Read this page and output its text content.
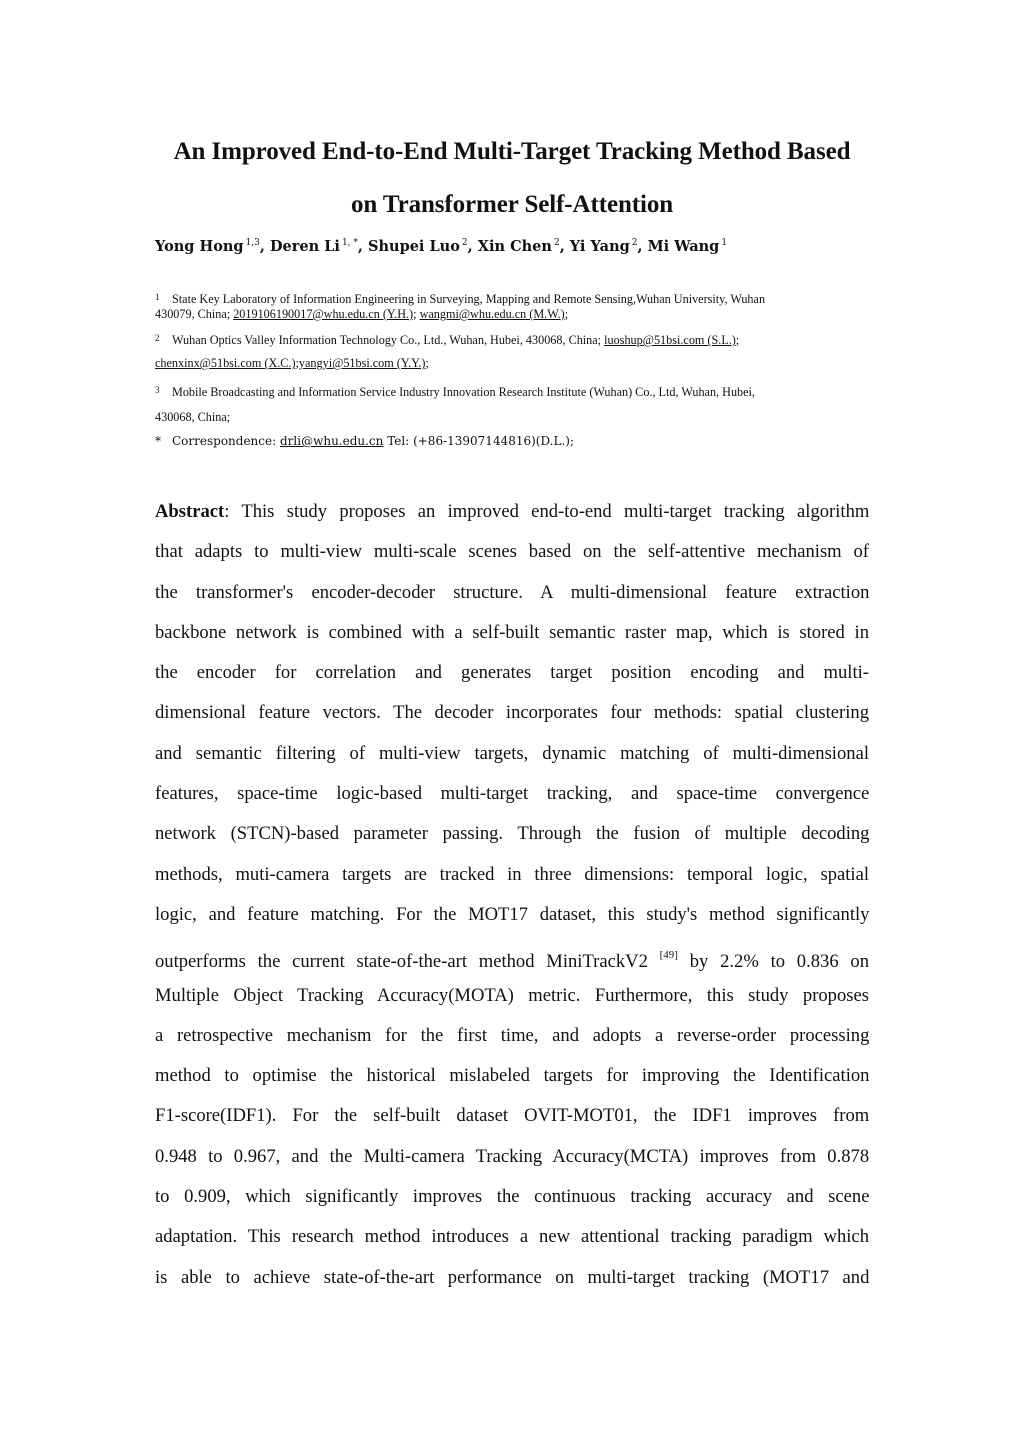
An Improved End-to-End Multi-Target Tracking Method Based
on Transformer Self-Attention
Yong Hong $^{1,3}$, Deren Li $^{1, *}$, Shupei Luo $^2$, Xin Chen $^2$, Yi Yang $^2$, Mi Wang $^1$
1 State Key Laboratory of Information Engineering in Surveying, Mapping and Remote Sensing,Wuhan University, Wuhan
430079, China; 2019106190017@whu.edu.cn (Y.H.); wangmi@whu.edu.cn (M.W.);
2 Wuhan Optics Valley Information Technology Co., Ltd., Wuhan, Hubei, 430068, China; luoshup@51bsi.com (S.L.);
chenxinx@51bsi.com (X.C.);yangyi@51bsi.com (Y.Y.);
3 Mobile Broadcasting and Information Service Industry Innovation Research Institute (Wuhan) Co., Ltd, Wuhan, Hubei,
430068, China;
* Correspondence: drli@whu.edu.cn Tel: (+86-13907144816)(D.L.);
Abstract: This study proposes an improved end-to-end multi-target tracking algorithm
that adapts to multi-view multi-scale scenes based on the self-attentive mechanism of
the transformer's encoder-decoder structure. A multi-dimensional feature extraction
backbone network is combined with a self-built semantic raster map, which is stored in
the encoder for correlation and generates target position encoding and multi-
dimensional feature vectors. The decoder incorporates four methods: spatial clustering
and semantic filtering of multi-view targets, dynamic matching of multi-dimensional
features, space-time logic-based multi-target tracking, and space-time convergence
network (STCN)-based parameter passing. Through the fusion of multiple decoding
methods, muti-camera targets are tracked in three dimensions: temporal logic, spatial
logic, and feature matching. For the MOT17 dataset, this study's method significantly
outperforms the current state-of-the-art method MiniTrackV2 [49] by 2.2% to 0.836 on
Multiple Object Tracking Accuracy(MOTA) metric. Furthermore, this study proposes
a retrospective mechanism for the first time, and adopts a reverse-order processing
method to optimise the historical mislabeled targets for improving the Identification
F1-score(IDF1). For the self-built dataset OVIT-MOT01, the IDF1 improves from
0.948 to 0.967, and the Multi-camera Tracking Accuracy(MCTA) improves from 0.878
to 0.909, which significantly improves the continuous tracking accuracy and scene
adaptation. This research method introduces a new attentional tracking paradigm which
is able to achieve state-of-the-art performance on multi-target tracking (MOT17 and
